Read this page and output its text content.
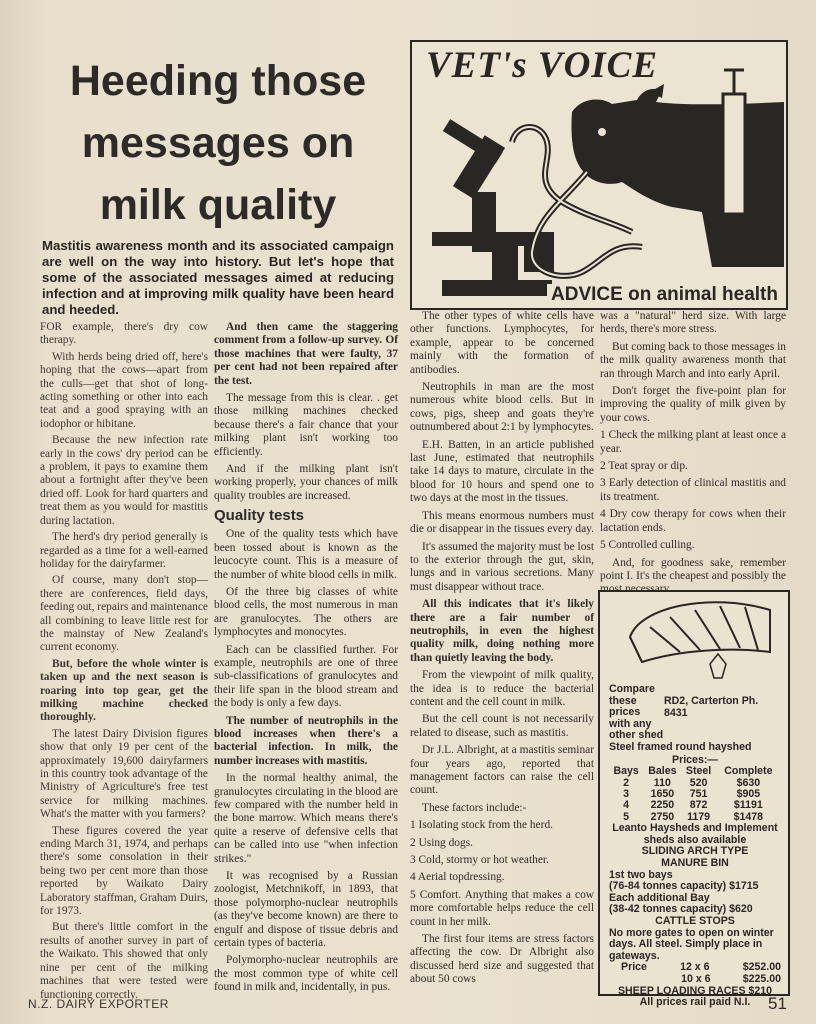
Heeding those
messages on
milk quality
Mastitis awareness month and its associated campaign are well on the way into history. But let's hope that some of the associated messages aimed at reducing infection and at improving milk quality have been heard and heeded.
VET's VOICE
ADVICE on animal health

FOR example, there's dry cow therapy.

With herds being dried off, here's hoping that the cows—apart from the culls—get that shot of long-acting something or other into each teat and a good spraying with an iodophor or hibitane.

Because the new infection rate early in the cows' dry period can be a problem, it pays to examine them about a fortnight after they've been dried off. Look for hard quarters and treat them as you would for mastitis during lactation.

The herd's dry period generally is regarded as a time for a well-earned holiday for the dairyfarmer.

Of course, many don't stop—there are conferences, field days, feeding out, repairs and maintenance all combining to leave little rest for the mainstay of New Zealand's current economy.

But, before the whole winter is taken up and the next season is roaring into top gear, get the milking machine checked thoroughly.

The latest Dairy Division figures show that only 19 per cent of the approximately 19,600 dairyfarmers in this country took advantage of the Ministry of Agriculture's free test service for milking machines. What's the matter with you farmers?

These figures covered the year ending March 31, 1974, and perhaps there's some consolation in their being two per cent more than those reported by Waikato Dairy Laboratory staffman, Graham Duirs, for 1973.

But there's little comfort in the results of another survey in part of the Waikato. This showed that only nine per cent of the milking machines that were tested were functioning correctly.

And then came the staggering comment from a follow-up survey. Of those machines that were faulty, 37 per cent had not been repaired after the test.

The message from this is clear. . get those milking machines checked because there's a fair chance that your milking plant isn't working too efficiently.

And if the milking plant isn't working properly, your chances of milk quality troubles are increased.

Quality tests

One of the quality tests which have been tossed about is known as the leucocyte count. This is a measure of the number of white blood cells in milk.

Of the three big classes of white blood cells, the most numerous in man are granulocytes. The others are lymphocytes and monocytes.

Each can be classified further. For example, neutrophils are one of three sub-classifications of granulocytes and their life span in the blood stream and the body is only a few days.

The number of neutrophils in the blood increases when there's a bacterial infection. In milk, the number increases with mastitis.

In the normal healthy animal, the granulocytes circulating in the blood are few compared with the number held in the bone marrow. Which means there's quite a reserve of defensive cells that can be called into use "when infection strikes."

It was recognised by a Russian zoologist, Metchnikoff, in 1893, that those polymorpho-nuclear neutrophils (as they've become known) are there to engulf and dispose of tissue debris and certain types of bacteria.

Polymorpho-nuclear neutrophils are the most common type of white cell found in milk and, incidentally, in pus.

The other types of white cells have other functions. Lymphocytes, for example, appear to be concerned mainly with the formation of antibodies.

Neutrophils in man are the most numerous white blood cells. But in cows, pigs, sheep and goats they're outnumbered about 2:1 by lymphocytes.

E.H. Batten, in an article published last June, estimated that neutrophils take 14 days to mature, circulate in the blood for 10 hours and spend one to two days at the most in the tissues.

This means enormous numbers must die or disappear in the tissues every day.

It's assumed the majority must be lost to the exterior through the gut, skin, lungs and in various secretions. Many must disappear without trace.

All this indicates that it's likely there are a fair number of neutrophils, in even the highest quality milk, doing nothing more than quietly leaving the body.

From the viewpoint of milk quality, the idea is to reduce the bacterial content and the cell count in milk.

But the cell count is not necessarily related to disease, such as mastitis.

Dr J.L. Albright, at a mastitis seminar four years ago, reported that management factors can raise the cell count.

These factors include:-

1 Isolating stock from the herd.

2 Using dogs.

3 Cold, stormy or hot weather.

4 Aerial topdressing.

5 Comfort. Anything that makes a cow more comfortable helps reduce the cell count in her milk.

The first four items are stress factors affecting the cow. Dr Albright also discussed herd size and suggested that about 50 cows

was a "natural" herd size. With large herds, there's more stress.

But coming back to those messages in the milk quality awareness month that ran through March and into early April.

Don't forget the five-point plan for improving the quality of milk given by your cows.

1 Check the milking plant at least once a year.

2 Teat spray or dip.

3 Early detection of clinical mastitis and its treatment.

4 Dry cow therapy for cows when their lactation ends.

5 Controlled culling.

And, for goodness sake, remember point I. It's the cheapest and possibly the

Compare these prices with any other shed
RD2, Carterton Ph. 8431
Steel framed round hayshed
Prices:—
Bays	Bales	Steel	Complete
2	110	520	$630
3	1650	751	$905
4	2250	872	$1191
5	2750	1179	$1478
Leanto Haysheds and Implement sheds also available
SLIDING ARCH TYPE
MANURE BIN
1st two bays
(76-84 tonnes capacity) $1715
Each additional Bay
(38-42 tonnes capacity) $620
CATTLE STOPS
No more gates to open on winter days. All steel. Simply place in gateways.
Price	12 x 6	$252.00
10 x 6	$225.00
SHEEP LOADING RACES $210
All prices rail paid N.I.
N.Z. DAIRY EXPORTER	51
